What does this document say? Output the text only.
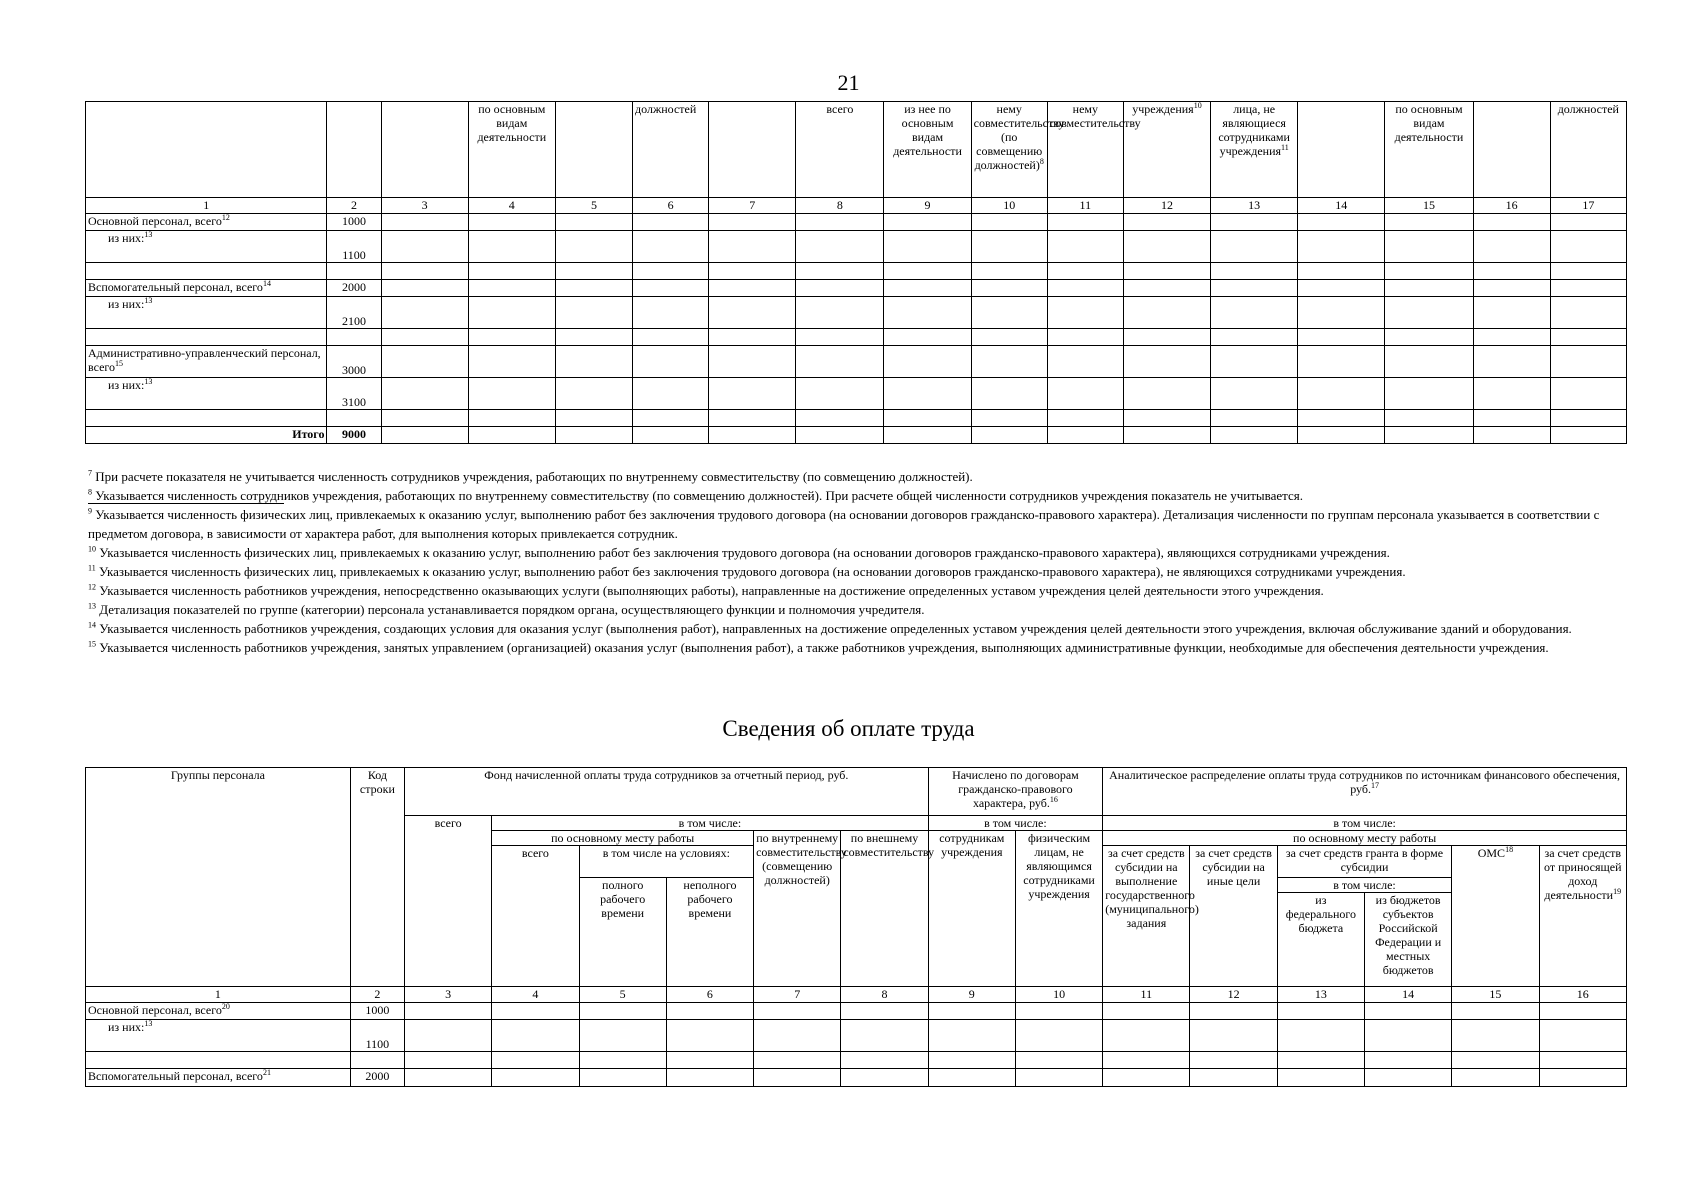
21
			по основным видам деятельности		должностей		всего	из нее по основным видам деятельности	нему совместительству (по совмещению должностей)$^8$	нему совместительству	учреждения$^{10}$	лица, не являющиеся сотрудниками учреждения$^{11}$		по основным видам деятельности		должностей
1	2	3	4	5	6	7	8	9	10	11	12	13	14	15	16	17
Основной персонал, всего$^{12}$	1000															
из них:$^{13}$	1100															

Вспомогательный персонал, всего$^{14}$	2000															
из них:$^{13}$	2100															

Административно-управленческий персонал, всего$^{15}$	3000															
из них:$^{13}$	3100															

Итого	9000															

$^7$ При расчете показателя не учитывается численность сотрудников учреждения, работающих по внутреннему совместительству (по совмещению должностей).

$^8$ Указывается численность сотрудников учреждения, работающих по внутреннему совместительству (по совмещению должностей). При расчете общей численности сотрудников учреждения показатель не учитывается.

$^9$ Указывается численность физических лиц, привлекаемых к оказанию услуг, выполнению работ без заключения трудового договора (на основании договоров гражданско-правового характера). Детализация численности по группам персонала указывается в соответствии с предметом договора, в зависимости от характера работ, для выполнения которых привлекается сотрудник.

$^{10}$ Указывается численность физических лиц, привлекаемых к оказанию услуг, выполнению работ без заключения трудового договора (на основании договоров гражданско-правового характера), являющихся сотрудниками учреждения.

$^{11}$ Указывается численность физических лиц, привлекаемых к оказанию услуг, выполнению работ без заключения трудового договора (на основании договоров гражданско-правового характера), не являющихся сотрудниками учреждения.

$^{12}$ Указывается численность работников учреждения, непосредственно оказывающих услуги (выполняющих работы), направленные на достижение определенных уставом учреждения целей деятельности этого учреждения.

$^{13}$ Детализация показателей по группе (категории) персонала устанавливается порядком органа, осуществляющего функции и полномочия учредителя.

$^{14}$ Указывается численность работников учреждения, создающих условия для оказания услуг (выполнения работ), направленных на достижение определенных уставом учреждения целей деятельности этого учреждения, включая обслуживание зданий и оборудования.

$^{15}$ Указывается численность работников учреждения, занятых управлением (организацией) оказания услуг (выполнения работ), а также работников учреждения, выполняющих административные функции, необходимые для обеспечения деятельности учреждения.

Сведения об оплате труда
Группы персонала	Код строки	Фонд начисленной оплаты труда сотрудников за отчетный период, руб.						Начислено по договорам гражданско-правового характера, руб.$^{16}$		Аналитическое распределение оплаты труда сотрудников по источникам финансового обеспечения, руб.$^{17}$
		всего	в том числе:					в том числе:		в том числе:					
			по основному месту работы			по внутреннему совместительству (совмещению должностей)	по внешнему совместительству	сотрудникам учреждения	физическим лицам, не являющимся сотрудниками учреждения	по основному месту работы					
			всего	в том числе на условиях:						за счет средств субсидии на выполнение государственного (муниципального) задания	за счет средств субсидии на иные цели	за счет средств гранта в форме субсидии		ОМС$^{18}$	за счет средств от приносящей доход деятельности$^{19}$
				полного рабочего времени	неполного рабочего времени							в том числе:			
												из федерального бюджета	из бюджетов субъектов Российской Федерации и местных бюджетов		
1	2	3	4	5	6	7	8	9	10	11	12	13	14	15	16
Основной персонал, всего$^{20}$	1000														
из них:$^{13}$	1100														

Вспомогательный персонал, всего$^{21}$	2000														
